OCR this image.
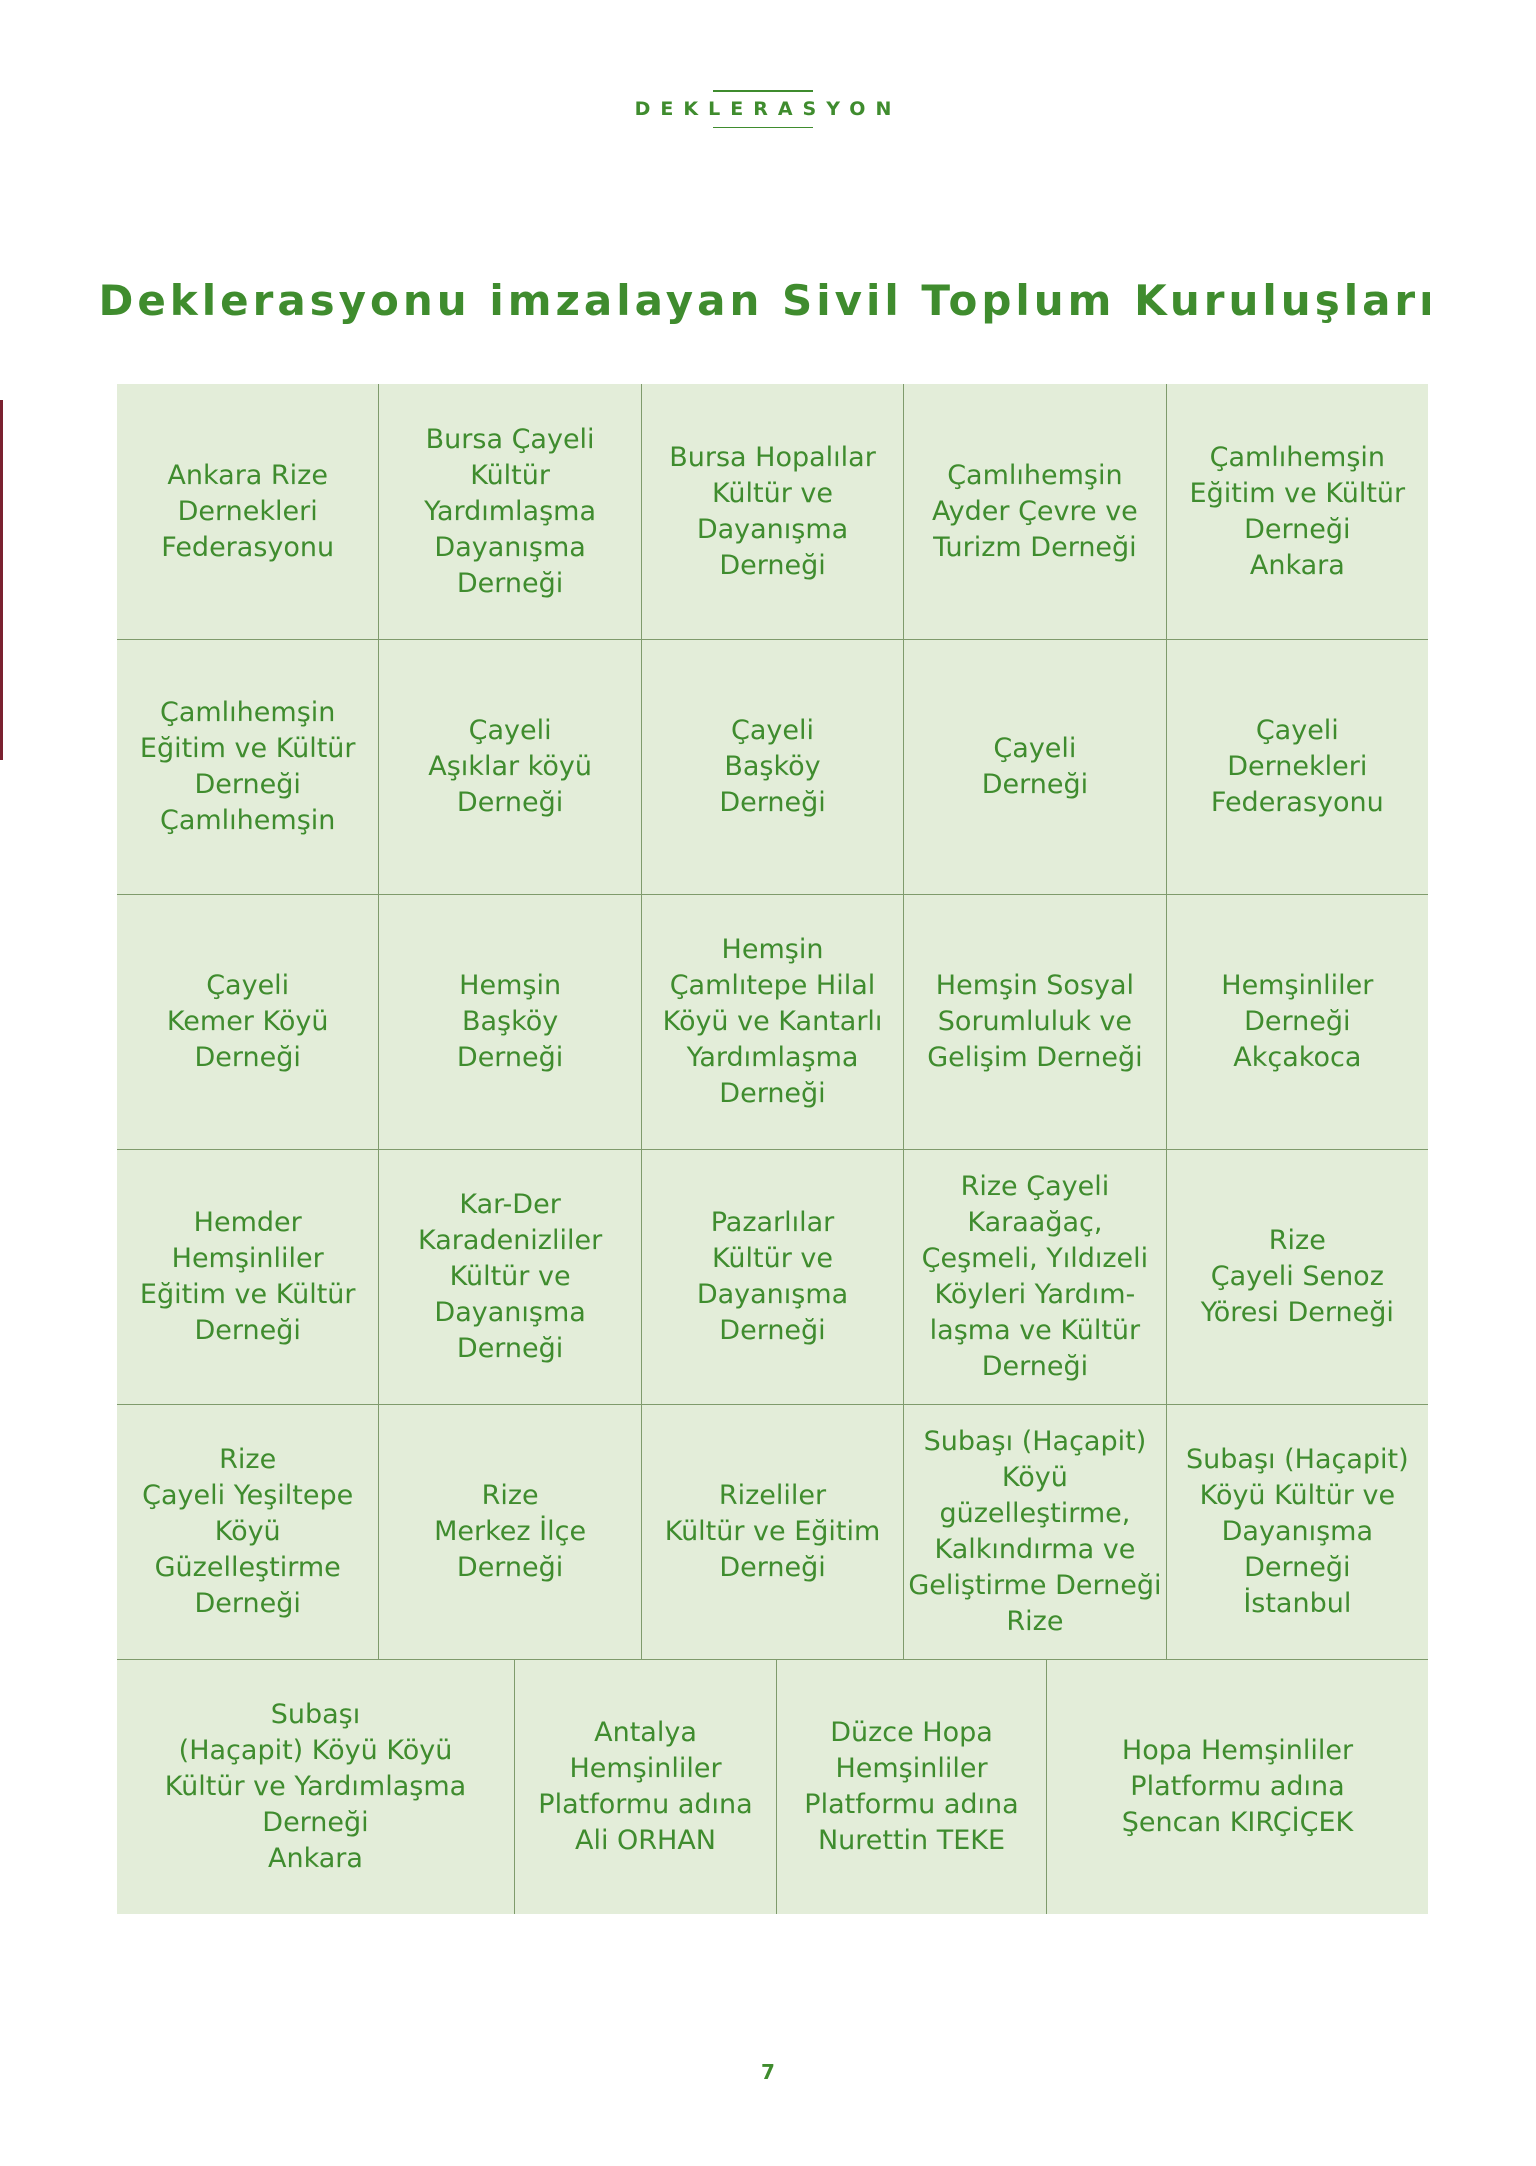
DEKLERASYON
Deklerasyonu imzalayan Sivil Toplum Kuruluşları
Ankara Rize
Dernekleri
Federasyonu
Bursa Çayeli
Kültür
Yardımlaşma
Dayanışma
Derneği
Bursa Hopalılar
Kültür ve
Dayanışma
Derneği
Çamlıhemşin
Ayder Çevre ve
Turizm Derneği
Çamlıhemşin
Eğitim ve Kültür
Derneği
Ankara
Çamlıhemşin
Eğitim ve Kültür
Derneği
Çamlıhemşin
Çayeli
Aşıklar köyü
Derneği
Çayeli
Başköy
Derneği
Çayeli
Derneği
Çayeli
Dernekleri
Federasyonu
Çayeli
Kemer Köyü
Derneği
Hemşin
Başköy
Derneği
Hemşin
Çamlıtepe Hilal
Köyü ve Kantarlı
Yardımlaşma
Derneği
Hemşin Sosyal
Sorumluluk ve
Gelişim Derneği
Hemşinliler
Derneği
Akçakoca
Hemder
Hemşinliler
Eğitim ve Kültür
Derneği
Kar-Der
Karadenizliler
Kültür ve
Dayanışma
Derneği
Pazarlılar
Kültür ve
Dayanışma
Derneği
Rize Çayeli
Karaağaç,
Çeşmeli, Yıldızeli
Köyleri Yardım-
laşma ve Kültür
Derneği
Rize
Çayeli Senoz
Yöresi Derneği
Rize
Çayeli Yeşiltepe
Köyü
Güzelleştirme
Derneği
Rize
Merkez İlçe
Derneği
Rizeliler
Kültür ve Eğitim
Derneği
Subaşı (Haçapit)
Köyü güzelleştirme,
Kalkındırma ve
Geliştirme Derneği
Rize
Subaşı (Haçapit)
Köyü Kültür ve
Dayanışma
Derneği
İstanbul
Subaşı
(Haçapit) Köyü Köyü
Kültür ve Yardımlaşma
Derneği
Ankara
Antalya
Hemşinliler
Platformu adına
Ali ORHAN
Düzce Hopa
Hemşinliler
Platformu adına
Nurettin TEKE
Hopa Hemşinliler
Platformu adına
Şencan KIRÇİÇEK
7
